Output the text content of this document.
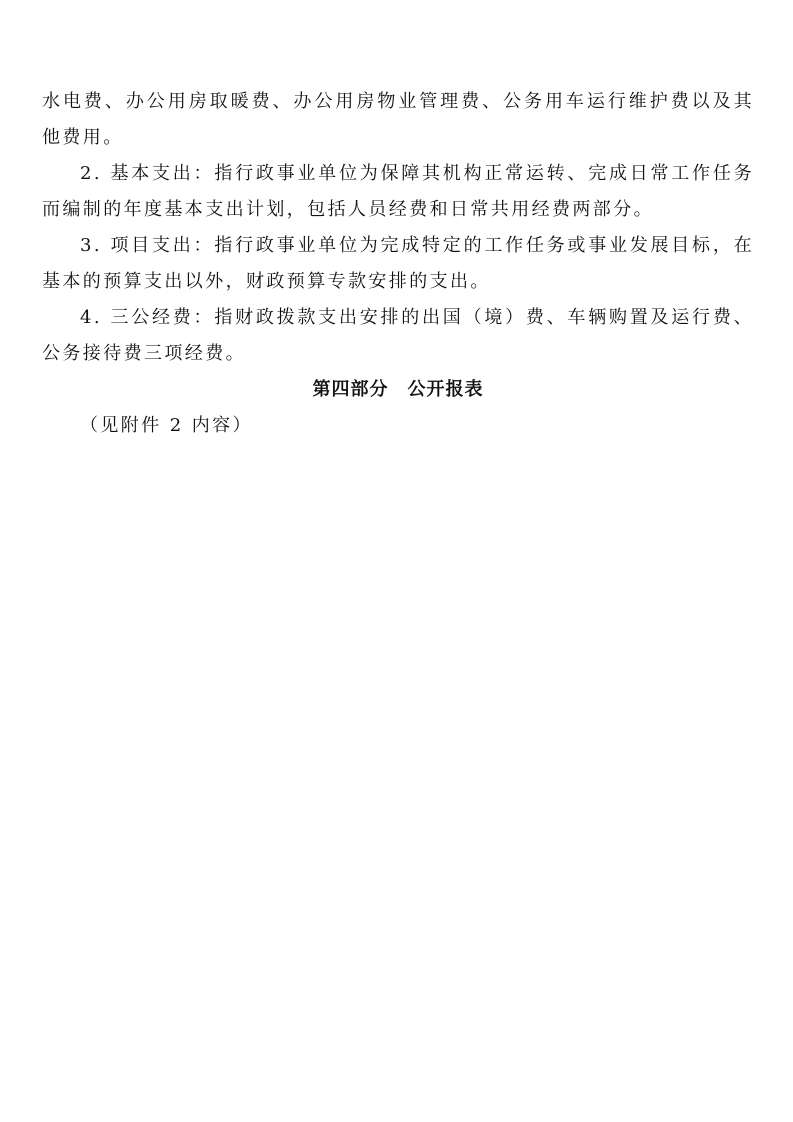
水电费、办公用房取暖费、办公用房物业管理费、公务用车运行维护费以及其他费用。

2. 基本支出：指行政事业单位为保障其机构正常运转、完成日常工作任务而编制的年度基本支出计划，包括人员经费和日常共用经费两部分。

3. 项目支出：指行政事业单位为完成特定的工作任务或事业发展目标，在基本的预算支出以外，财政预算专款安排的支出。

4. 三公经费：指财政拨款支出安排的出国（境）费、车辆购置及运行费、公务接待费三项经费。

第四部分　公开报表

（见附件 2 内容）
